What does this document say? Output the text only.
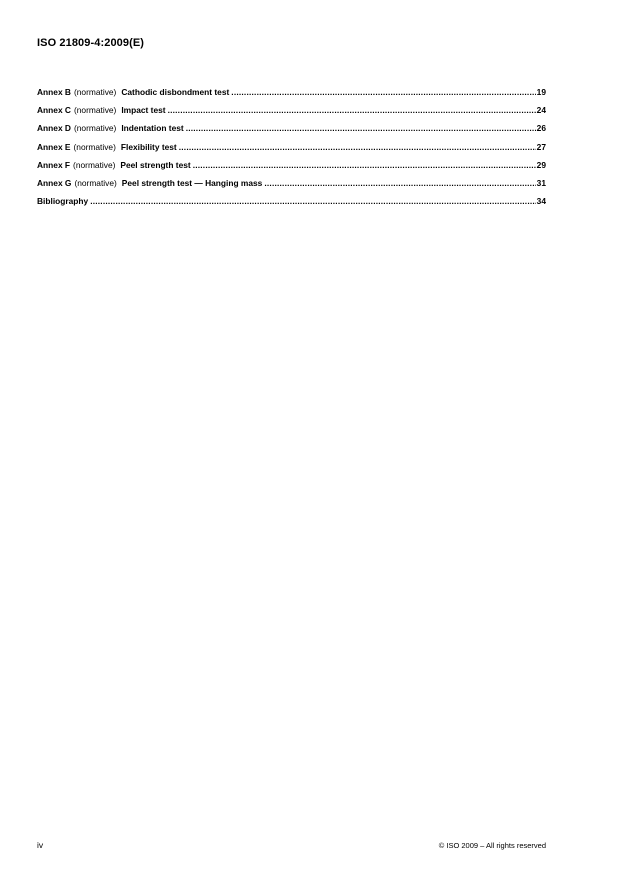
ISO 21809-4:2009(E)
Annex B (normative) Cathodic disbondment test .....	19
Annex C (normative) Impact test .....	24
Annex D (normative) Indentation test .....	26
Annex E (normative) Flexibility test .....	27
Annex F (normative) Peel strength test .....	29
Annex G (normative) Peel strength test — Hanging mass .....	31
Bibliography .....	34
iv	© ISO 2009 – All rights reserved
